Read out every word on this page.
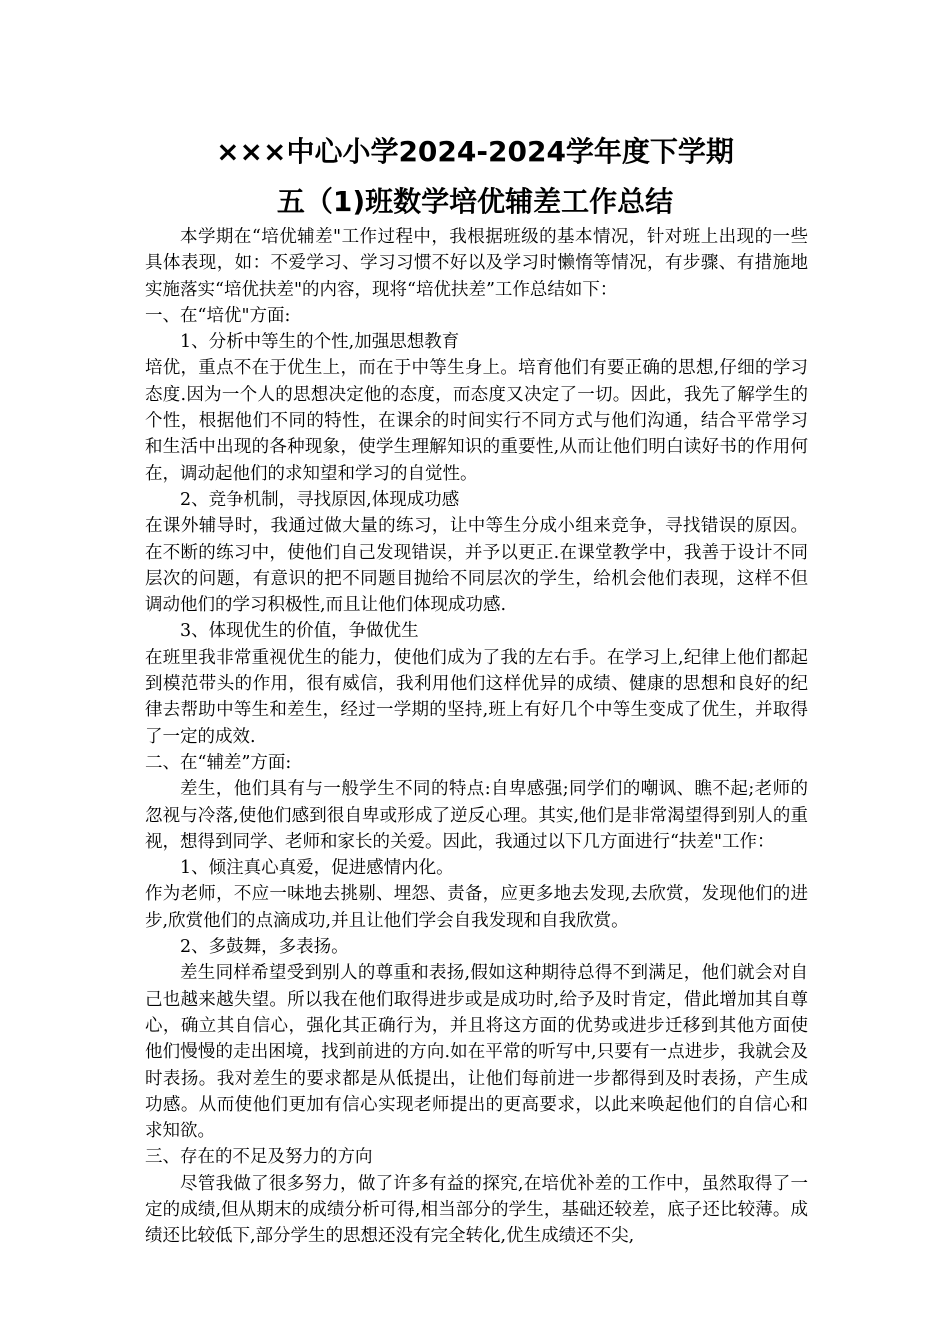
×××中心小学2024-2024学年度下学期
五（1)班数学培优辅差工作总结

本学期在“培优辅差"工作过程中，我根据班级的基本情况，针对班上出现的一些具体表现，如：不爱学习、学习习惯不好以及学习时懒惰等情况，有步骤、有措施地实施落实“培优扶差"的内容，现将“培优扶差”工作总结如下：

一、在“培优"方面:

1、分析中等生的个性,加强思想教育

培优，重点不在于优生上，而在于中等生身上。培育他们有要正确的思想,仔细的学习态度.因为一个人的思想决定他的态度，而态度又决定了一切。因此，我先了解学生的个性，根据他们不同的特性，在课余的时间实行不同方式与他们沟通，结合平常学习和生活中出现的各种现象，使学生理解知识的重要性,从而让他们明白读好书的作用何在，调动起他们的求知望和学习的自觉性。

2、竞争机制，寻找原因,体现成功感

在课外辅导时，我通过做大量的练习，让中等生分成小组来竞争，寻找错误的原因。在不断的练习中，使他们自己发现错误，并予以更正.在课堂教学中，我善于设计不同层次的问题，有意识的把不同题目抛给不同层次的学生，给机会他们表现，这样不但调动他们的学习积极性,而且让他们体现成功感.

3、体现优生的价值，争做优生

在班里我非常重视优生的能力，使他们成为了我的左右手。在学习上,纪律上他们都起到模范带头的作用，很有威信，我利用他们这样优异的成绩、健康的思想和良好的纪律去帮助中等生和差生，经过一学期的坚持,班上有好几个中等生变成了优生，并取得了一定的成效.

二、在“辅差”方面:

差生，他们具有与一般学生不同的特点:自卑感强;同学们的嘲讽、瞧不起;老师的忽视与冷落,使他们感到很自卑或形成了逆反心理。其实,他们是非常渴望得到别人的重视，想得到同学、老师和家长的关爱。因此，我通过以下几方面进行“扶差"工作：

1、倾注真心真爱，促进感情内化。

作为老师，不应一味地去挑剔、埋怨、责备，应更多地去发现,去欣赏，发现他们的进步,欣赏他们的点滴成功,并且让他们学会自我发现和自我欣赏。

2、多鼓舞，多表扬。

差生同样希望受到别人的尊重和表扬,假如这种期待总得不到满足，他们就会对自己也越来越失望。所以我在他们取得进步或是成功时,给予及时肯定，借此增加其自尊心，确立其自信心，强化其正确行为，并且将这方面的优势或进步迁移到其他方面使他们慢慢的走出困境，找到前进的方向.如在平常的听写中,只要有一点进步，我就会及时表扬。我对差生的要求都是从低提出，让他们每前进一步都得到及时表扬，产生成功感。从而使他们更加有信心实现老师提出的更高要求，以此来唤起他们的自信心和求知欲。

三、存在的不足及努力的方向

尽管我做了很多努力，做了许多有益的探究,在培优补差的工作中，虽然取得了一定的成绩,但从期末的成绩分析可得,相当部分的学生，基础还较差，底子还比较薄。成绩还比较低下,部分学生的思想还没有完全转化,优生成绩还不尖,
